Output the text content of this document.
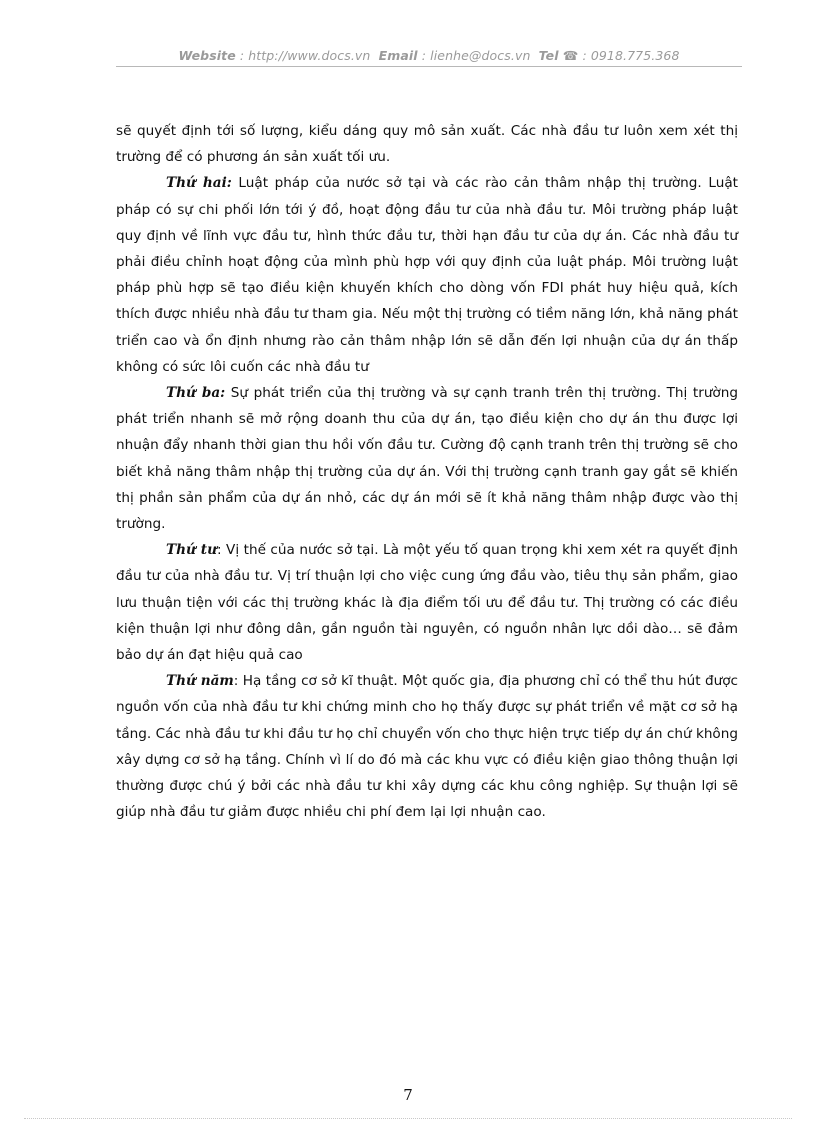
Website : http://www.docs.vn Email : lienhe@docs.vn Tel ☎ : 0918.775.368

sẽ quyết định tới số lượng, kiểu dáng quy mô sản xuất. Các nhà đầu tư luôn xem xét thị trường để có phương án sản xuất tối ưu.

Thứ hai: Luật pháp của nước sở tại và các rào cản thâm nhập thị trường. Luật pháp có sự chi phối lớn tới ý đồ, hoạt động đầu tư của nhà đầu tư. Môi trường pháp luật quy định về lĩnh vực đầu tư, hình thức đầu tư, thời hạn đầu tư của dự án. Các nhà đầu tư phải điều chỉnh hoạt động của mình phù hợp với quy định của luật pháp. Môi trường luật pháp phù hợp sẽ tạo điều kiện khuyến khích cho dòng vốn FDI phát huy hiệu quả, kích thích được nhiều nhà đầu tư tham gia. Nếu một thị trường có tiềm năng lớn, khả năng phát triển cao và ổn định nhưng rào cản thâm nhập lớn sẽ dẫn đến lợi nhuận của dự án thấp không có sức lôi cuốn các nhà đầu tư

Thứ ba: Sự phát triển của thị trường và sự cạnh tranh trên thị trường. Thị trường phát triển nhanh sẽ mở rộng doanh thu của dự án, tạo điều kiện cho dự án thu được lợi nhuận đẩy nhanh thời gian thu hồi vốn đầu tư. Cường độ cạnh tranh trên thị trường sẽ cho biết khả năng thâm nhập thị trường của dự án. Với thị trường cạnh tranh gay gắt sẽ khiến thị phần sản phẩm của dự án nhỏ, các dự án mới sẽ ít khả năng thâm nhập được vào thị trường.

Thứ tư: Vị thế của nước sở tại. Là một yếu tố quan trọng khi xem xét ra quyết định đầu tư của nhà đầu tư. Vị trí thuận lợi cho việc cung ứng đầu vào, tiêu thụ sản phẩm, giao lưu thuận tiện với các thị trường khác là địa điểm tối ưu để đầu tư. Thị trường có các điều kiện thuận lợi như đông dân, gần nguồn tài nguyên, có nguồn nhân lực dồi dào… sẽ đảm bảo dự án đạt hiệu quả cao

Thứ năm: Hạ tầng cơ sở kĩ thuật. Một quốc gia, địa phương chỉ có thể thu hút được nguồn vốn của nhà đầu tư khi chứng minh cho họ thấy được sự phát triển về mặt cơ sở hạ tầng. Các nhà đầu tư khi đầu tư họ chỉ chuyển vốn cho thực hiện trực tiếp dự án chứ không xây dựng cơ sở hạ tầng. Chính vì lí do đó mà các khu vực có điều kiện giao thông thuận lợi thường được chú ý bởi các nhà đầu tư khi xây dựng các khu công nghiệp. Sự thuận lợi sẽ giúp nhà đầu tư giảm được nhiều chi phí đem lại lợi nhuận cao.

7
